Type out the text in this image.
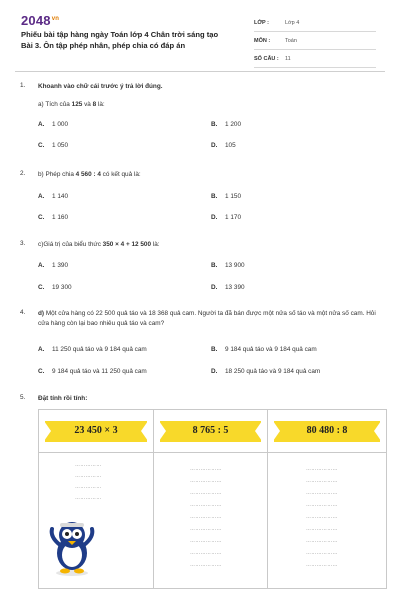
$2048^{vn}$
Phiếu bài tập hàng ngày Toán lớp 4 Chân trời sáng tạo Bài 3. Ôn tập phép nhân, phép chia có đáp án
LỚP :	Lớp 4
MÔN :	Toán
SỐ CÂU :	11
1. Khoanh vào chữ cái trước ý trả lời đúng.
a) Tích của 125 và 8 là:
A. 1 000	B. 1 200
C. 1 050	D. 105
2. b) Phép chia 4 560 : 4 có kết quả là:
A. 1 140	B. 1 150
C. 1 160	D. 1 170
3. c)Giá trị của biểu thức 350 × 4 + 12 500 là:
A. 1 390	B. 13 900
C. 19 300	D. 13 390
4. d) Một cửa hàng có 22 500 quả táo và 18 368 quả cam. Người ta đã bán được một nửa số táo và một nửa số cam. Hỏi cửa hàng còn lại bao nhiêu quả táo và cam?
A. 11 250 quả táo và 9 184 quả cam	B. 9 184 quả táo và 9 184 quả cam
C. 9 184 quả táo và 11 250 quả cam	D. 18 250 quả táo và 9 184 quả cam
5. Đặt tính rồi tính:
23 450 × 3
……………
……………
……………
……………
8 765 : 5
………………
………………
………………
………………
………………
………………
………………
………………
………………
80 480 : 8
………………
………………
………………
………………
………………
………………
………………
………………
………………
